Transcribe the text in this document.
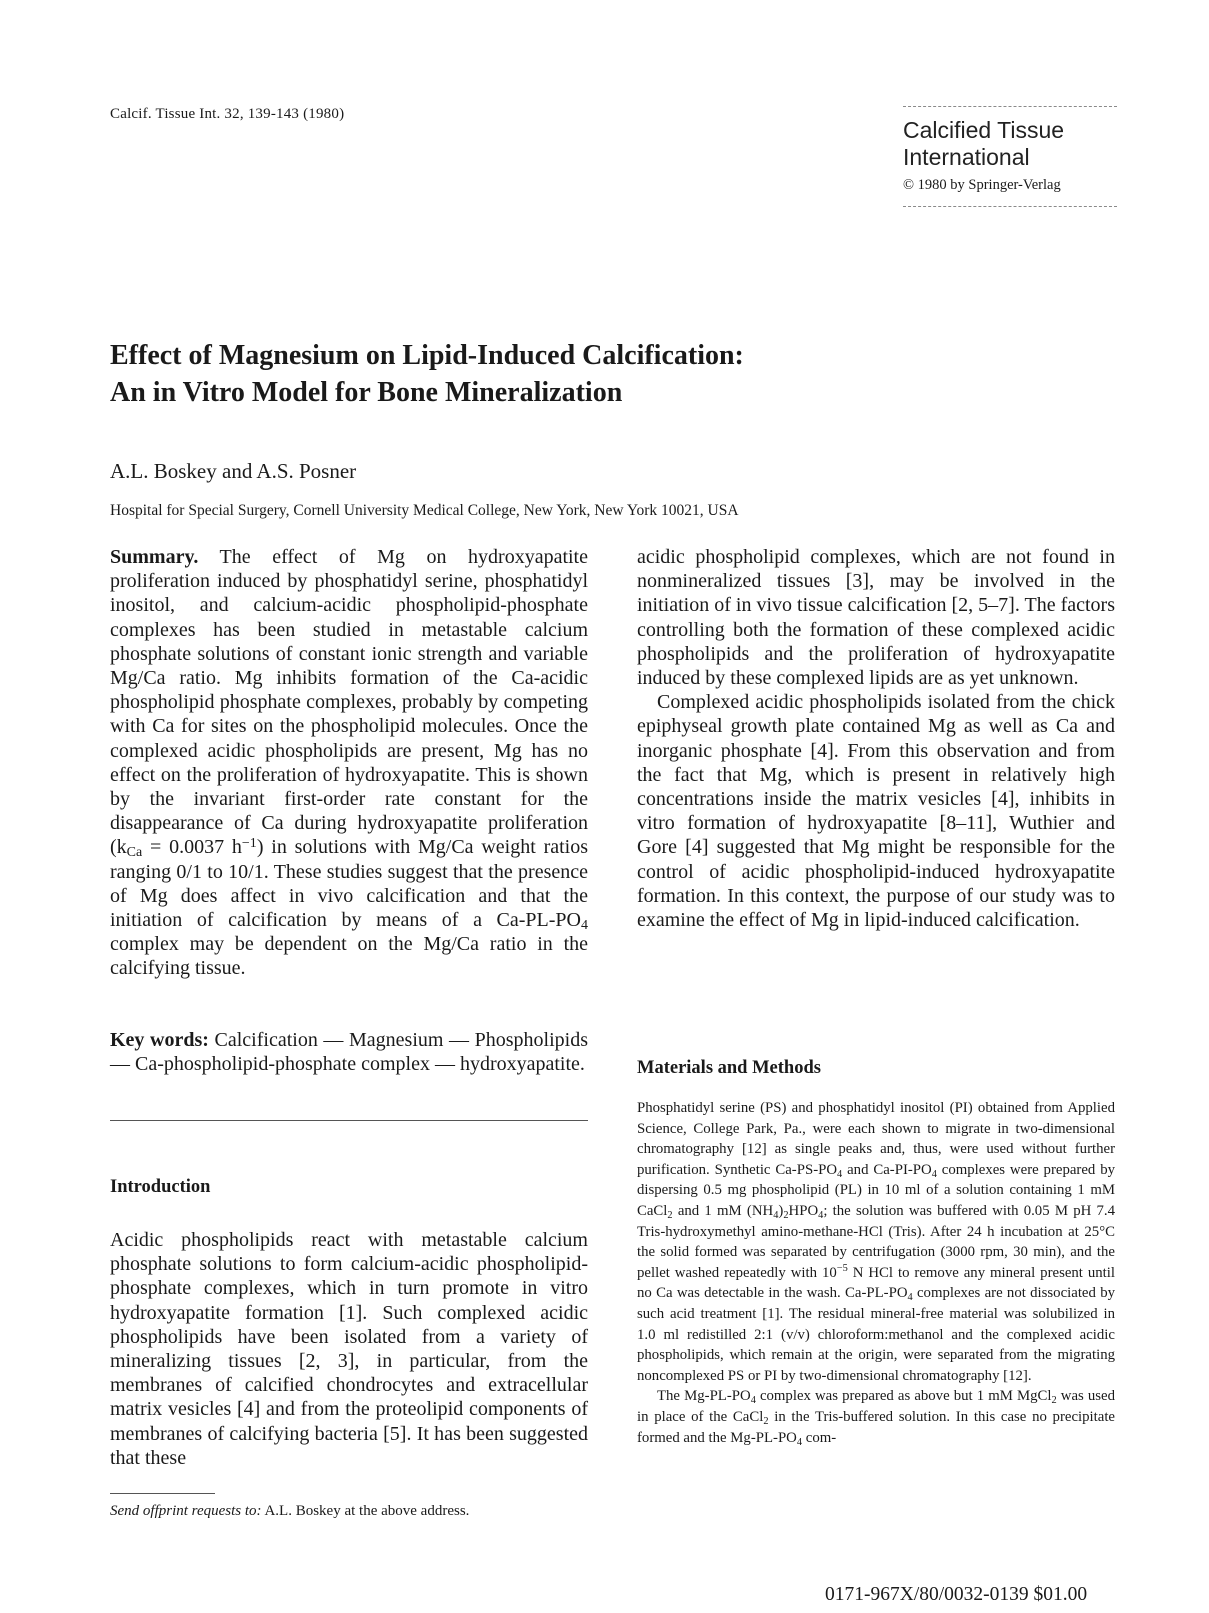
Calcif. Tissue Int. 32, 139-143 (1980)
Calcified Tissue
International
© 1980 by Springer-Verlag
Effect of Magnesium on Lipid-Induced Calcification:
An in Vitro Model for Bone Mineralization
A.L. Boskey and A.S. Posner
Hospital for Special Surgery, Cornell University Medical College, New York, New York 10021, USA

Summary. The effect of Mg on hydroxyapatite proliferation induced by phosphatidyl serine, phosphatidyl inositol, and calcium-acidic phospholipid-phosphate complexes has been studied in metastable calcium phosphate solutions of constant ionic strength and variable Mg/Ca ratio. Mg inhibits formation of the Ca-acidic phospholipid phosphate complexes, probably by competing with Ca for sites on the phospholipid molecules. Once the complexed acidic phospholipids are present, Mg has no effect on the proliferation of hydroxyapatite. This is shown by the invariant first-order rate constant for the disappearance of Ca during hydroxyapatite proliferation ($k_{Ca} = 0.0037$ $h^{-1}$) in solutions with Mg/Ca weight ratios ranging 0/1 to 10/1. These studies suggest that the presence of Mg does affect in vivo calcification and that the initiation of calcification by means of a $Ca-PL-PO_4$ complex may be dependent on the Mg/Ca ratio in the calcifying tissue.

Key words: Calcification — Magnesium — Phospholipids — Ca-phospholipid-phosphate complex — hydroxyapatite.

Introduction

Acidic phospholipids react with metastable calcium phosphate solutions to form calcium-acidic phospholipid-phosphate complexes, which in turn promote in vitro hydroxyapatite formation [1]. Such complexed acidic phospholipids have been isolated from a variety of mineralizing tissues [2, 3], in particular, from the membranes of calcified chondrocytes and extracellular matrix vesicles [4] and from the proteolipid components of membranes of calcifying bacteria [5]. It has been suggested that these

acidic phospholipid complexes, which are not found in nonmineralized tissues [3], may be involved in the initiation of in vivo tissue calcification [2, 5–7]. The factors controlling both the formation of these complexed acidic phospholipids and the proliferation of hydroxyapatite induced by these complexed lipids are as yet unknown.

Complexed acidic phospholipids isolated from the chick epiphyseal growth plate contained Mg as well as Ca and inorganic phosphate [4]. From this observation and from the fact that Mg, which is present in relatively high concentrations inside the matrix vesicles [4], inhibits in vitro formation of hydroxyapatite [8–11], Wuthier and Gore [4] suggested that Mg might be responsible for the control of acidic phospholipid-induced hydroxyapatite formation. In this context, the purpose of our study was to examine the effect of Mg in lipid-induced calcification.

Materials and Methods

Phosphatidyl serine (PS) and phosphatidyl inositol (PI) obtained from Applied Science, College Park, Pa., were each shown to migrate in two-dimensional chromatography [12] as single peaks and, thus, were used without further purification. Synthetic $Ca-PS-PO_4$ and $Ca-PI-PO_4$ complexes were prepared by dispersing 0.5 mg phospholipid (PL) in 10 ml of a solution containing 1 mM CaCl$_2$ and 1 mM $(NH_4)_2HPO_4$; the solution was buffered with 0.05 M pH 7.4 Tris-hydroxymethyl amino-methane-HCl (Tris). After 24 h incubation at 25°C the solid formed was separated by centrifugation (3000 rpm, 30 min), and the pellet washed repeatedly with $10^{-5}$ N HCl to remove any mineral present until no Ca was detectable in the wash. $Ca-PL-PO_4$ complexes are not dissociated by such acid treatment [1]. The residual mineral-free material was solubilized in 1.0 ml redistilled 2:1 (v/v) chloroform:methanol and the complexed acidic phospholipids, which remain at the origin, were separated from the migrating noncomplexed PS or PI by two-dimensional chromatography [12].

The $Mg-PL-PO_4$ complex was prepared as above but 1 mM MgCl$_2$ was used in place of the CaCl$_2$ in the Tris-buffered solution. In this case no precipitate formed and the $Mg-PL-PO_4$ com-

Send offprint requests to: A.L. Boskey at the above address.
0171-967X/80/0032-0139 $01.00
